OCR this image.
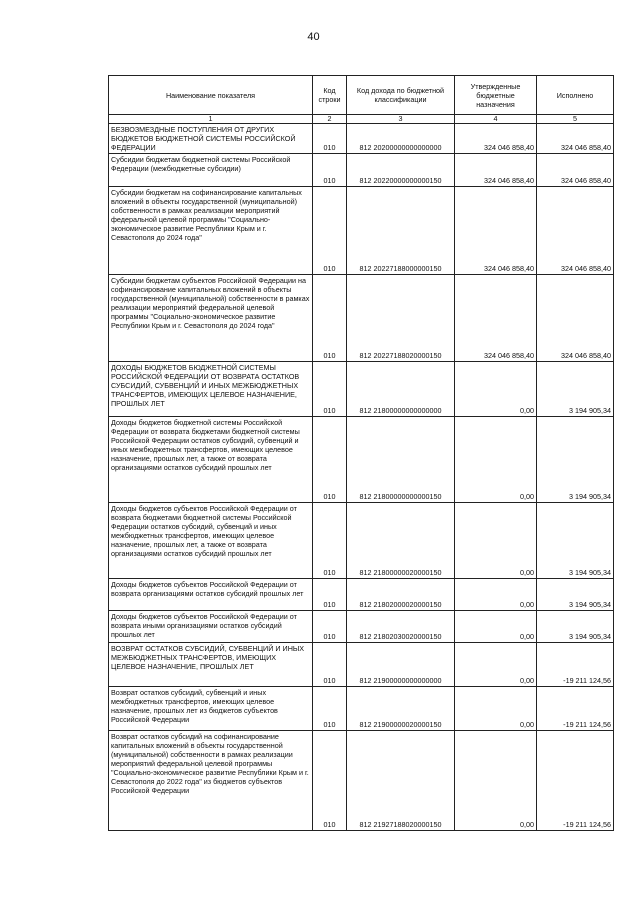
40
Наименование показателя	Код строки	Код дохода по бюджетной классификации	Утвержденные бюджетные назначения	Исполнено
1	2	3	4	5
БЕЗВОЗМЕЗДНЫЕ ПОСТУПЛЕНИЯ ОТ ДРУГИХ БЮДЖЕТОВ БЮДЖЕТНОЙ СИСТЕМЫ РОССИЙСКОЙ ФЕДЕРАЦИИ	010	812 20200000000000000	324 046 858,40	324 046 858,40
Субсидии бюджетам бюджетной системы Российской Федерации (межбюджетные субсидии)	010	812 20220000000000150	324 046 858,40	324 046 858,40
Субсидии бюджетам на софинансирование капитальных вложений в объекты государственной (муниципальной) собственности в рамках реализации мероприятий федеральной целевой программы "Социально-экономическое развитие Республики Крым и г. Севастополя до 2024 года"	010	812 20227188000000150	324 046 858,40	324 046 858,40
Субсидии бюджетам субъектов Российской Федерации на софинансирование капитальных вложений в объекты государственной (муниципальной) собственности в рамках реализации мероприятий федеральной целевой программы "Социально-экономическое развитие Республики Крым и г. Севастополя до 2024 года"	010	812 20227188020000150	324 046 858,40	324 046 858,40
ДОХОДЫ БЮДЖЕТОВ БЮДЖЕТНОЙ СИСТЕМЫ РОССИЙСКОЙ ФЕДЕРАЦИИ ОТ ВОЗВРАТА ОСТАТКОВ СУБСИДИЙ, СУБВЕНЦИЙ И ИНЫХ МЕЖБЮДЖЕТНЫХ ТРАНСФЕРТОВ, ИМЕЮЩИХ ЦЕЛЕВОЕ НАЗНАЧЕНИЕ, ПРОШЛЫХ ЛЕТ	010	812 21800000000000000	0,00	3 194 905,34
Доходы бюджетов бюджетной системы Российской Федерации от возврата бюджетами бюджетной системы Российской Федерации остатков субсидий, субвенций и иных межбюджетных трансфертов, имеющих целевое назначение, прошлых лет, а также от возврата организациями остатков субсидий прошлых лет	010	812 21800000000000150	0,00	3 194 905,34
Доходы бюджетов субъектов Российской Федерации от возврата бюджетами бюджетной системы Российской Федерации остатков субсидий, субвенций и иных межбюджетных трансфертов, имеющих целевое назначение, прошлых лет, а также от возврата организациями остатков субсидий прошлых лет	010	812 21800000020000150	0,00	3 194 905,34
Доходы бюджетов субъектов Российской Федерации от возврата организациями остатков субсидий прошлых лет	010	812 21802000020000150	0,00	3 194 905,34
Доходы бюджетов субъектов Российской Федерации от возврата иными организациями остатков субсидий прошлых лет	010	812 21802030020000150	0,00	3 194 905,34
ВОЗВРАТ ОСТАТКОВ СУБСИДИЙ, СУБВЕНЦИЙ И ИНЫХ МЕЖБЮДЖЕТНЫХ ТРАНСФЕРТОВ, ИМЕЮЩИХ ЦЕЛЕВОЕ НАЗНАЧЕНИЕ, ПРОШЛЫХ ЛЕТ	010	812 21900000000000000	0,00	-19 211 124,56
Возврат остатков субсидий, субвенций и иных межбюджетных трансфертов, имеющих целевое назначение, прошлых лет из бюджетов субъектов Российской Федерации	010	812 21900000020000150	0,00	-19 211 124,56
Возврат остатков субсидий на софинансирование капитальных вложений в объекты государственной (муниципальной) собственности в рамках реализации мероприятий федеральной целевой программы "Социально-экономическое развитие Республики Крым и г. Севастополя до 2022 года" из бюджетов субъектов Российской Федерации	010	812 21927188020000150	0,00	-19 211 124,56
